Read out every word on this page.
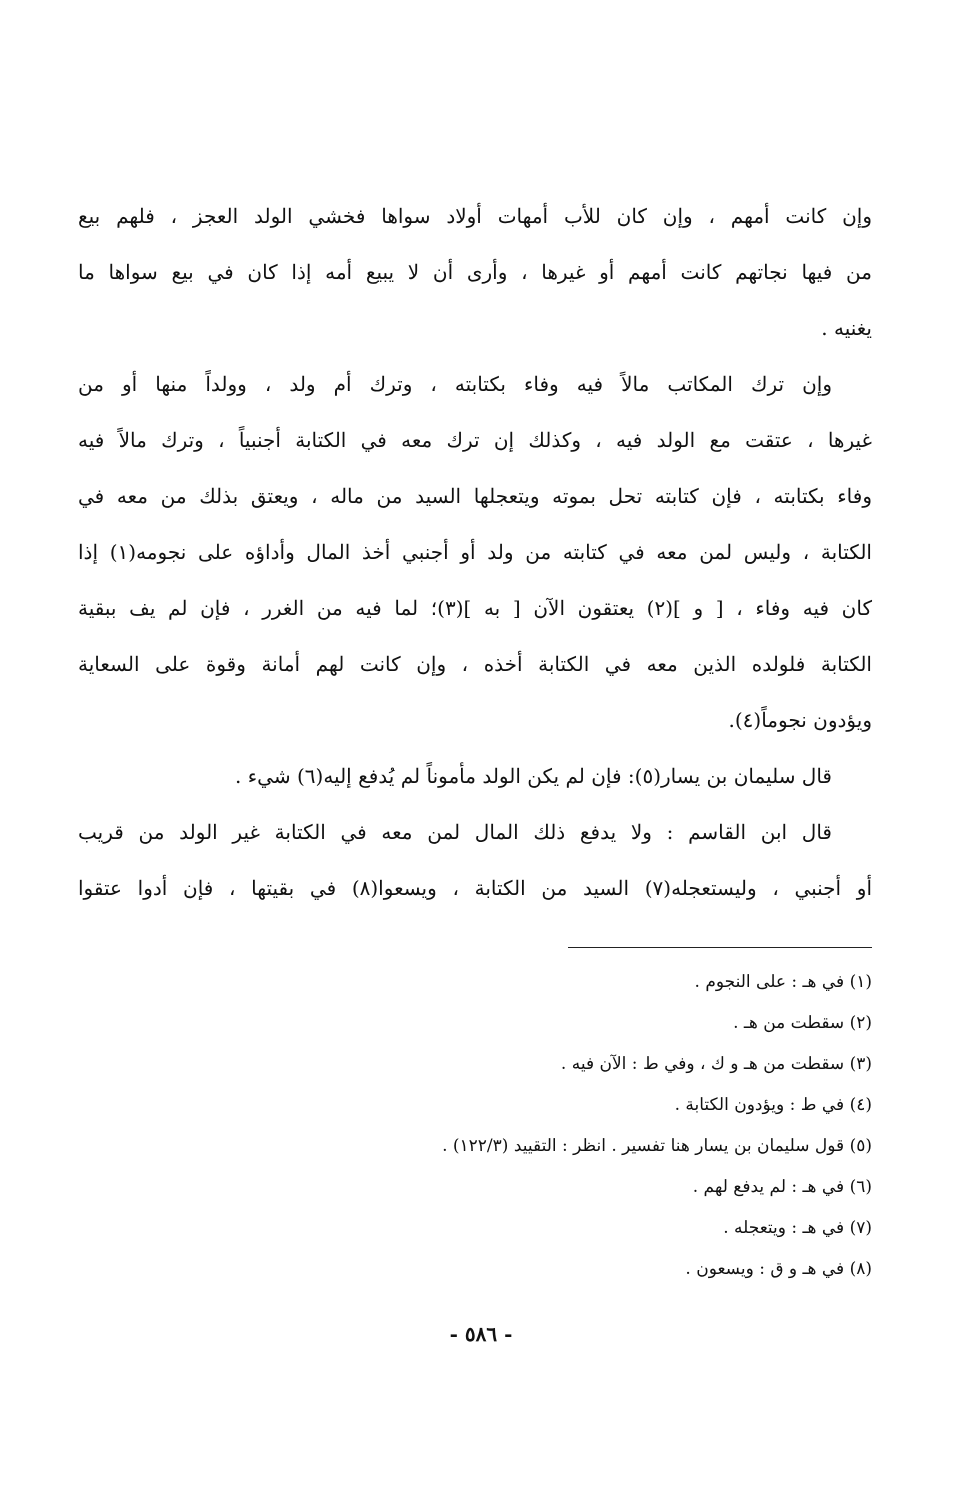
وإن كانت أمهم ، وإن كان للأب أمهات أولاد سواها فخشي الولد العجز ، فلهم بيع
من فيها نجاتهم كانت أمهم أو غيرها ، وأرى أن لا يبيع أمه إذا كان في بيع سواها ما
يغنيه .

وإن ترك المكاتب مالاً فيه وفاء بكتابته ، وترك أم ولد ، وولداً منها أو من
غيرها ، عتقت مع الولد فيه ، وكذلك إن ترك معه في الكتابة أجنبياً ، وترك مالاً فيه
وفاء بكتابته ، فإن كتابته تحل بموته ويتعجلها السيد من ماله ، ويعتق بذلك من معه في
الكتابة ، وليس لمن معه في كتابته من ولد أو أجنبي أخذ المال وأداؤه على نجومه(١) إذا
كان فيه وفاء ، [ و ](٢) يعتقون الآن [ به ](٣)؛ لما فيه من الغرر ، فإن لم يف ببقية
الكتابة فلولده الذين معه في الكتابة أخذه ، وإن كانت لهم أمانة وقوة على السعاية
ويؤدون نجوماً(٤).

قال سليمان بن يسار(٥): فإن لم يكن الولد مأموناً لم يُدفع إليه(٦) شيء .

قال ابن القاسم : ولا يدفع ذلك المال لمن معه في الكتابة غير الولد من قريب
أو أجنبي ، وليستعجله(٧) السيد من الكتابة ، ويسعوا(٨) في بقيتها ، فإن أدوا عتقوا

(١) في هـ : على النجوم .
(٢) سقطت من هـ .
(٣) سقطت من هـ و ك ، وفي ط : الآن فيه .
(٤) في ط : ويؤدون الكتابة .
(٥) قول سليمان بن يسار هنا تفسير . انظر : التقييد (١٢٢/٣) .
(٦) في هـ : لم يدفع لهم .
(٧) في هـ : ويتعجله .
(٨) في هـ و ق : ويسعون .
- ٥٨٦ -
